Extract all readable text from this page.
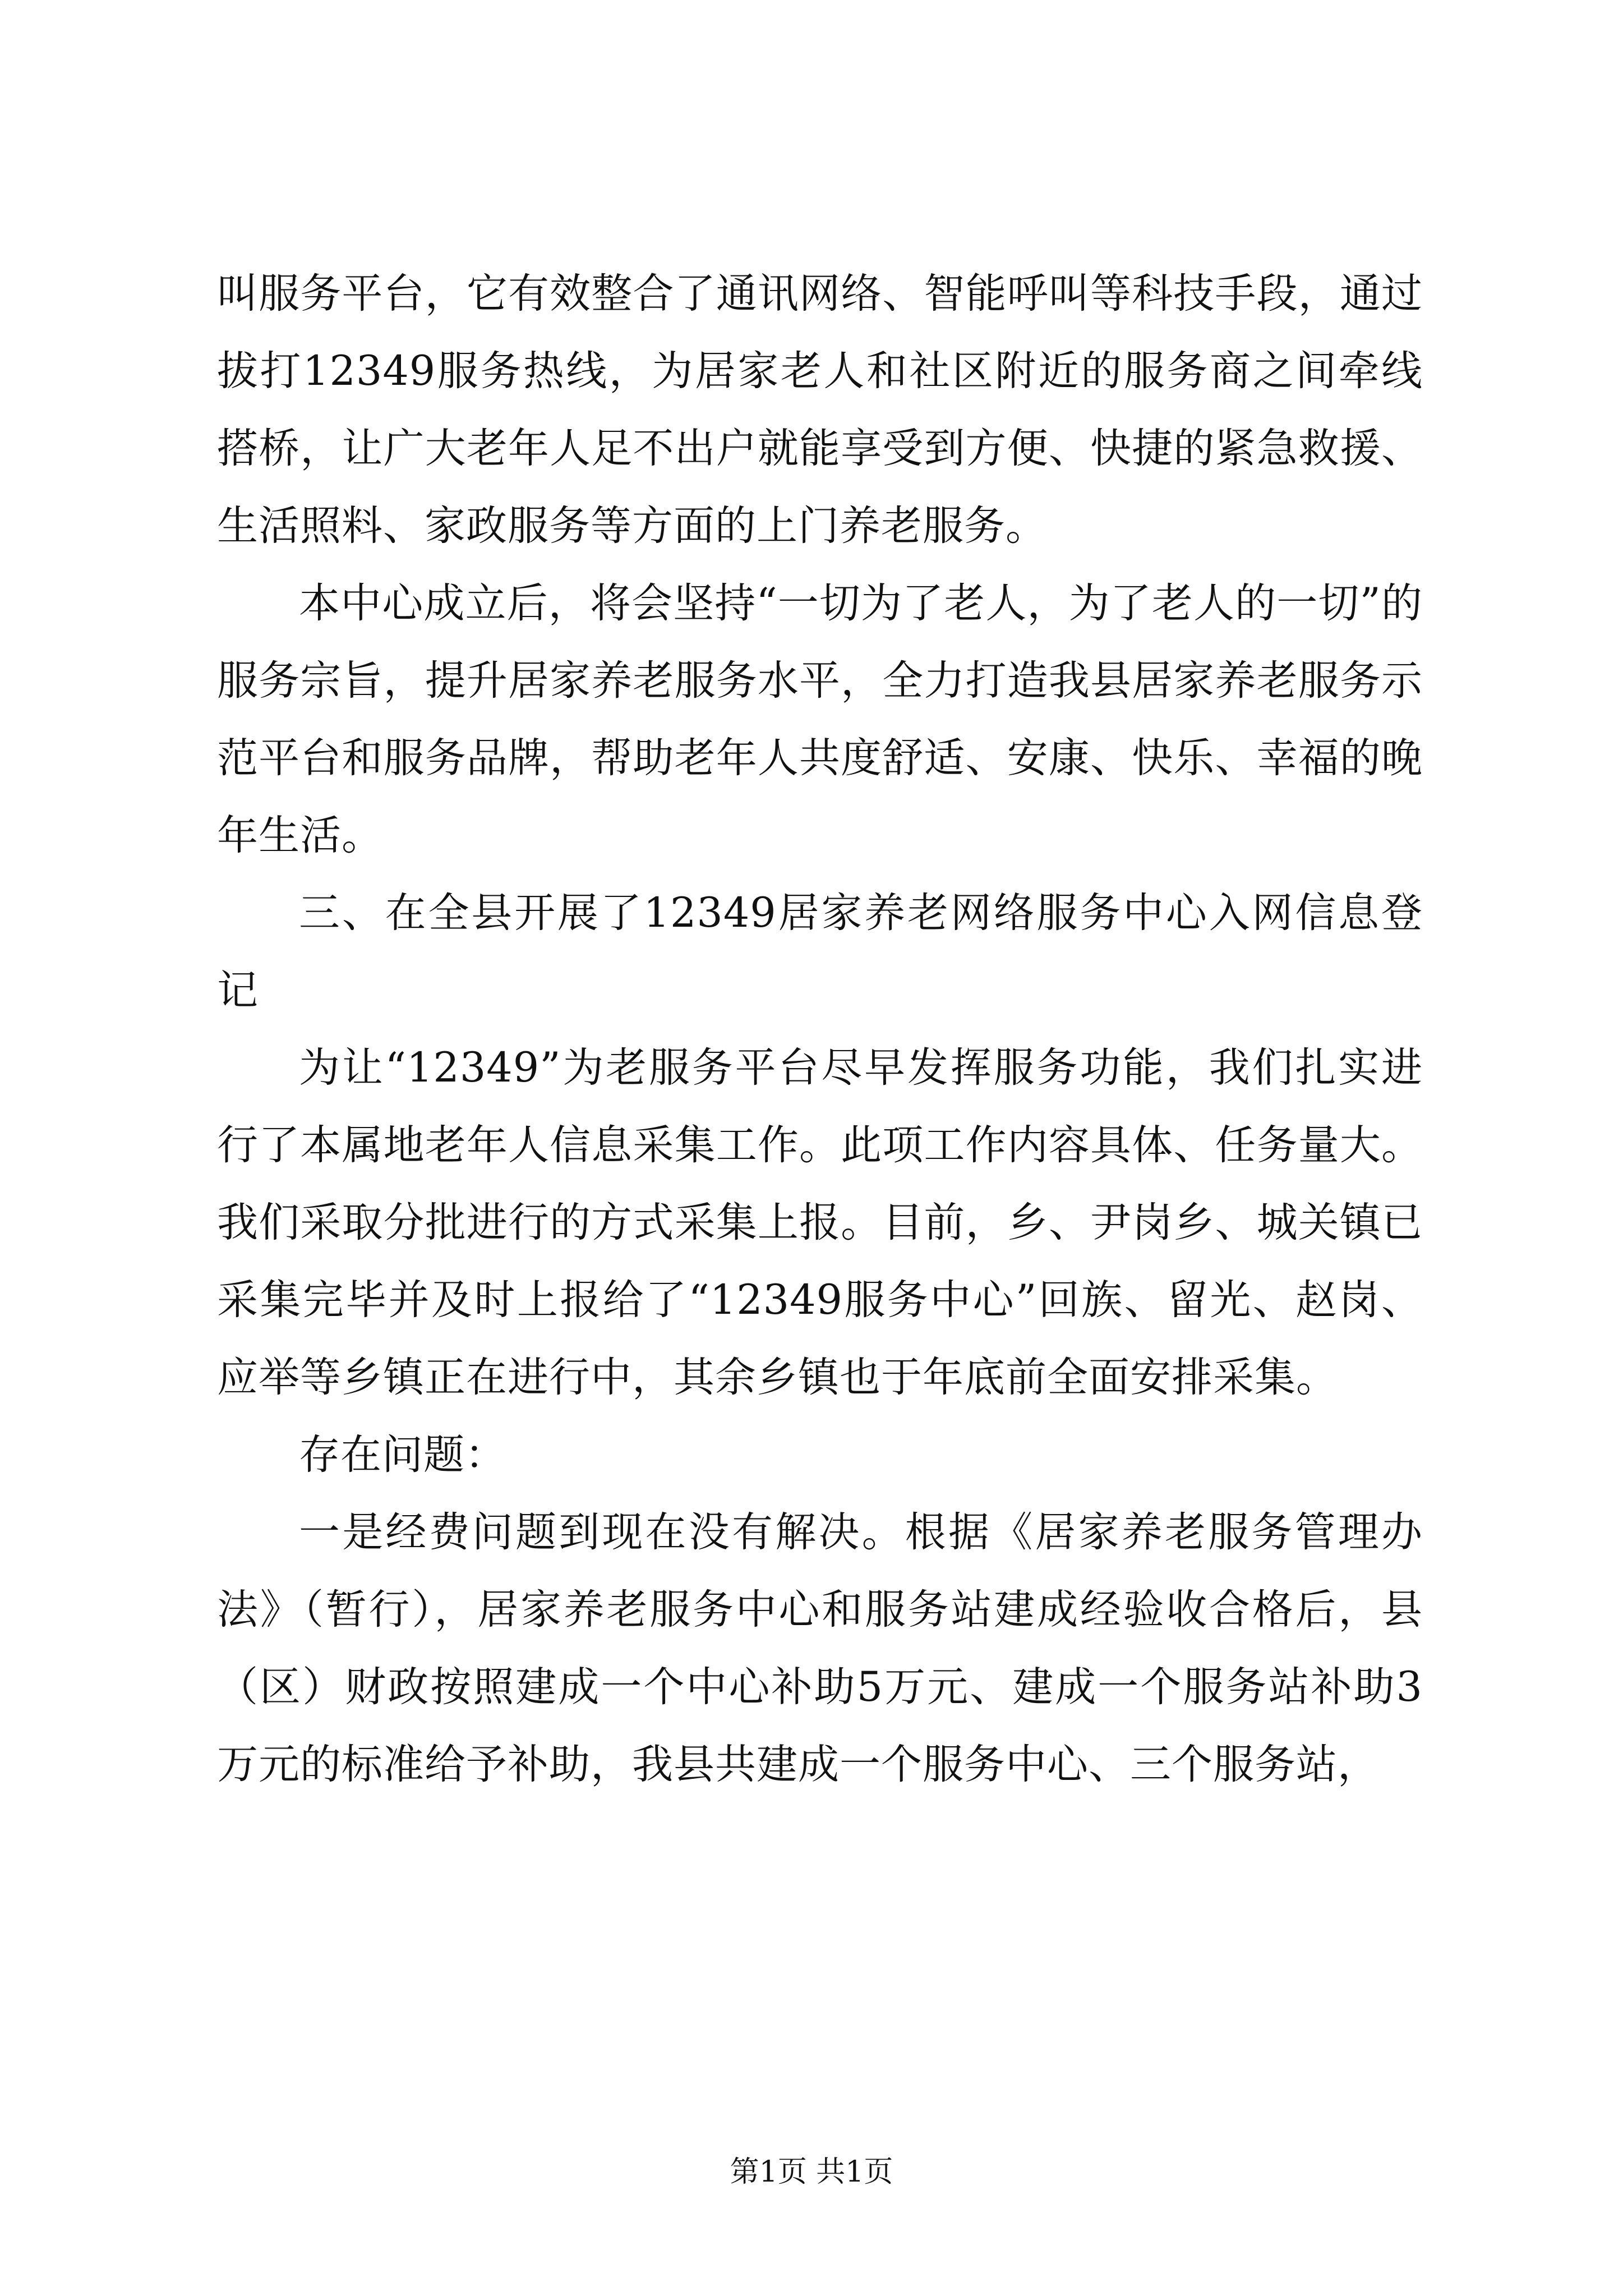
叫服务平台，它有效整合了通讯网络、智能呼叫等科技手段，通过拔打12349服务热线，为居家老人和社区附近的服务商之间牵线搭桥，让广大老年人足不出户就能享受到方便、快捷的紧急救援、生活照料、家政服务等方面的上门养老服务。

本中心成立后，将会坚持“一切为了老人，为了老人的一切”的服务宗旨，提升居家养老服务水平，全力打造我县居家养老服务示范平台和服务品牌，帮助老年人共度舒适、安康、快乐、幸福的晚年生活。

三、在全县开展了12349居家养老网络服务中心入网信息登记

为让“12349”为老服务平台尽早发挥服务功能，我们扎实进行了本属地老年人信息采集工作。此项工作内容具体、任务量大。我们采取分批进行的方式采集上报。目前，乡、尹岗乡、城关镇已采集完毕并及时上报给了“12349服务中心”回族、留光、赵岗、应举等乡镇正在进行中，其余乡镇也于年底前全面安排采集。

存在问题：

一是经费问题到现在没有解决。根据《居家养老服务管理办法》（暂行），居家养老服务中心和服务站建成经验收合格后，县（区）财政按照建成一个中心补助5万元、建成一个服务站补助3万元的标准给予补助，我县共建成一个服务中心、三个服务站，

第1页 共1页
